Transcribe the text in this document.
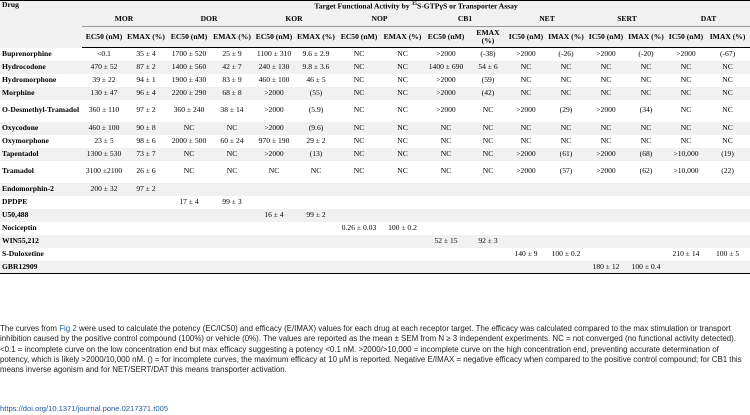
Drug	Target Functional Activity by $^{35}$S-GTPγS or Transporter Assay															
	MOR		DOR		KOR		NOP		CB1		NET		SERT		DAT	
	EC50 (nM)	EMAX (%)	EC50 (nM)	EMAX (%)	EC50 (nM)	EMAX (%)	EC50 (nM)	EMAX (%)	EC50 (nM)	EMAX (%)	IC50 (nM)	IMAX (%)	IC50 (nM)	IMAX (%)	IC50 (nM)	IMAX (%)
Buprenorphine	<0.1	35 ± 4	1700 ± 520	25 ± 9	1100 ± 310	9.6 ± 2.9	NC	NC	>2000	(-38)	>2000	(-26)	>2000	(-20)	>2000	(-67)
Hydrocodone	470 ± 52	87 ± 2	1400 ± 560	42 ± 7	240 ± 130	9.8 ± 3.6	NC	NC	1400 ± 690	54 ± 6	NC	NC	NC	NC	NC	NC
Hydromorphone	39 ± 22	94 ± 1	1900 ± 430	83 ± 9	460 ± 100	46 ± 5	NC	NC	>2000	(59)	NC	NC	NC	NC	NC	NC
Morphine	130 ± 47	96 ± 4	2200 ± 290	68 ± 8	>2000	(55)	NC	NC	>2000	(42)	NC	NC	NC	NC	NC	NC
O-Desmethyl-Tramadol	360 ± 110	97 ± 2	360 ± 240	38 ± 14	>2000	(5.9)	NC	NC	>2000	NC	>2000	(29)	>2000	(34)	NC	NC
Oxycodone	460 ± 100	90 ± 8	NC	NC	>2000	(9.6)	NC	NC	NC	NC	NC	NC	NC	NC	NC	NC
Oxymorphone	23 ± 5	98 ± 6	2000 ± 500	60 ± 24	970 ± 190	29 ± 2	NC	NC	NC	NC	NC	NC	NC	NC	NC	NC
Tapentadol	1300 ± 530	73 ± 7	NC	NC	>2000	(13)	NC	NC	NC	NC	>2000	(61)	>2000	(68)	>10,000	(19)
Tramadol	3100 ±2100	26 ± 6	NC	NC	NC	NC	NC	NC	NC	NC	>2000	(57)	>2000	(62)	>10,000	(22)
Endomorphin-2	200 ± 32	97 ± 2														
DPDPE			17 ± 4	99 ± 3												
U50,488					16 ± 4	99 ± 2										
Nociceptin							0.26 ± 0.03	100 ± 0.2								
WIN55,212									52 ± 15	92 ± 3						
S-Duloxetine											140 ± 9	100 ± 0.2			210 ± 14	100 ± 5
GBR12909													180 ± 12	100 ± 0.4		
The curves from Fig 2 were used to calculate the potency (EC/IC50) and efficacy (E/IMAX) values for each drug at each receptor target. The efficacy was calculated compared to the max stimulation or transport inhibition caused by the positive control compound (100%) or vehicle (0%). The values are reported as the mean ± SEM from N ≥ 3 independent experiments. NC = not converged (no functional activity detected). <0.1 = incomplete curve on the low concentration end but max efficacy suggesting a potency <0.1 nM. >2000/>10,000 = incomplete curve on the high concentration end, preventing accurate determination of potency, which is likely >2000/10,000 nM. () = for incomplete curves, the maximum efficacy at 10 μM is reported. Negative E/IMAX = negative efficacy when compared to the positive control compound; for CB1 this means inverse agonism and for NET/SERT/DAT this means transporter activation.
https://doi.org/10.1371/journal.pone.0217371.t005
